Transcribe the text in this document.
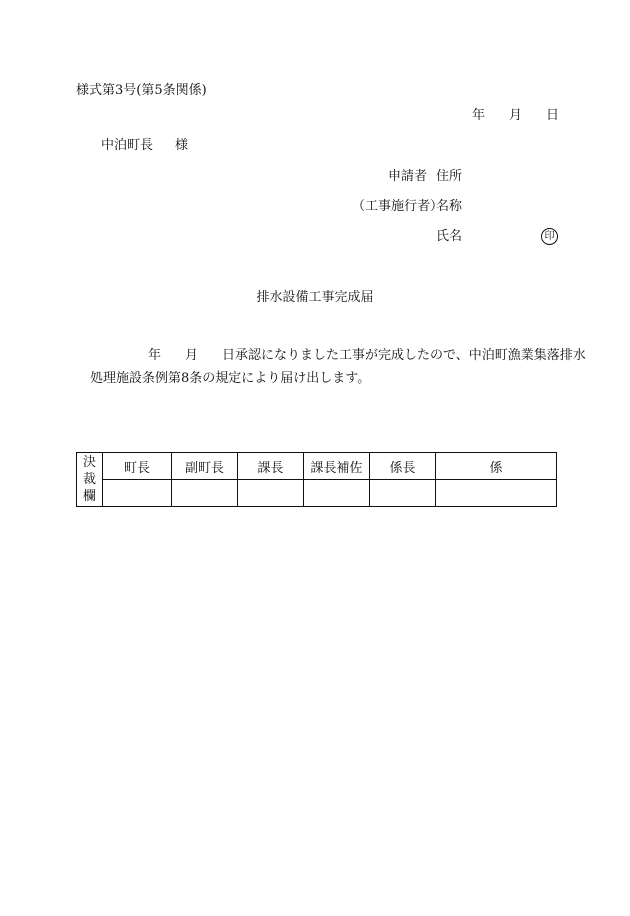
様式第3号(第5条関係)
年 月 日
中泊町長 様
申請者 住所
（工事施行者）
名称
氏名	印
排水設備工事完成届
年 月 日承認になりました工事が完成したので、中泊町漁業集落排水
処理施設条例第8条の規定により届け出します。
決
裁
欄	町長	副町長	課長	課長補佐	係長	係
